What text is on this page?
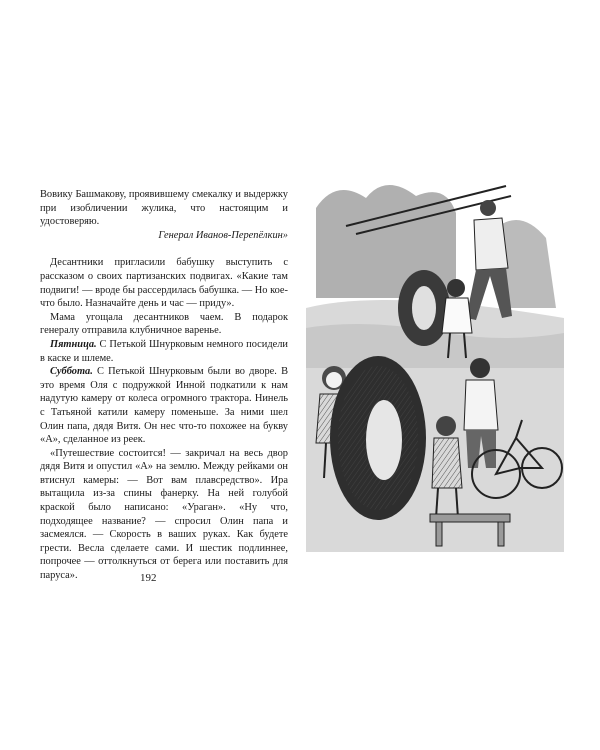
Вовику Башмакову, проявившему смекалку и выдержку при изобличении жулика, что настоящим и удостоверяю.

Генерал Иванов-Перепёлкин»

Десантники пригласили бабушку выступить с рассказом о своих партизанских подвигах. «Какие там подвиги! — вроде бы рассердилась бабушка. — Но кое-что было. Назначайте день и час — приду».

Мама угощала десантников чаем. В подарок генералу отправила клубничное варенье.

Пятница. С Петькой Шнурковым немного посидели в каске и шлеме.

Суббота. С Петькой Шнурковым были во дворе. В это время Оля с подружкой Инной подкатили к нам надутую камеру от колеса огромного трактора. Нинель с Татьяной катили камеру поменьше. За ними шел Олин папа, дядя Витя. Он нес что-то похожее на букву «А», сделанное из реек.

«Путешествие состоится! — закричал на весь двор дядя Витя и опустил «А» на землю. Между рейками он втиснул камеры: — Вот вам плавсредство». Ира вытащила из-за спины фанерку. На ней голубой краской было написано: «Ураган». «Ну что, подходящее название? — спросил Олин папа и засмеялся. — Скорость в ваших руках. Как будете грести. Весла сделаете сами. И шестик подлиннее, попрочее — оттолкнуться от берега или поставить для паруса».	192
